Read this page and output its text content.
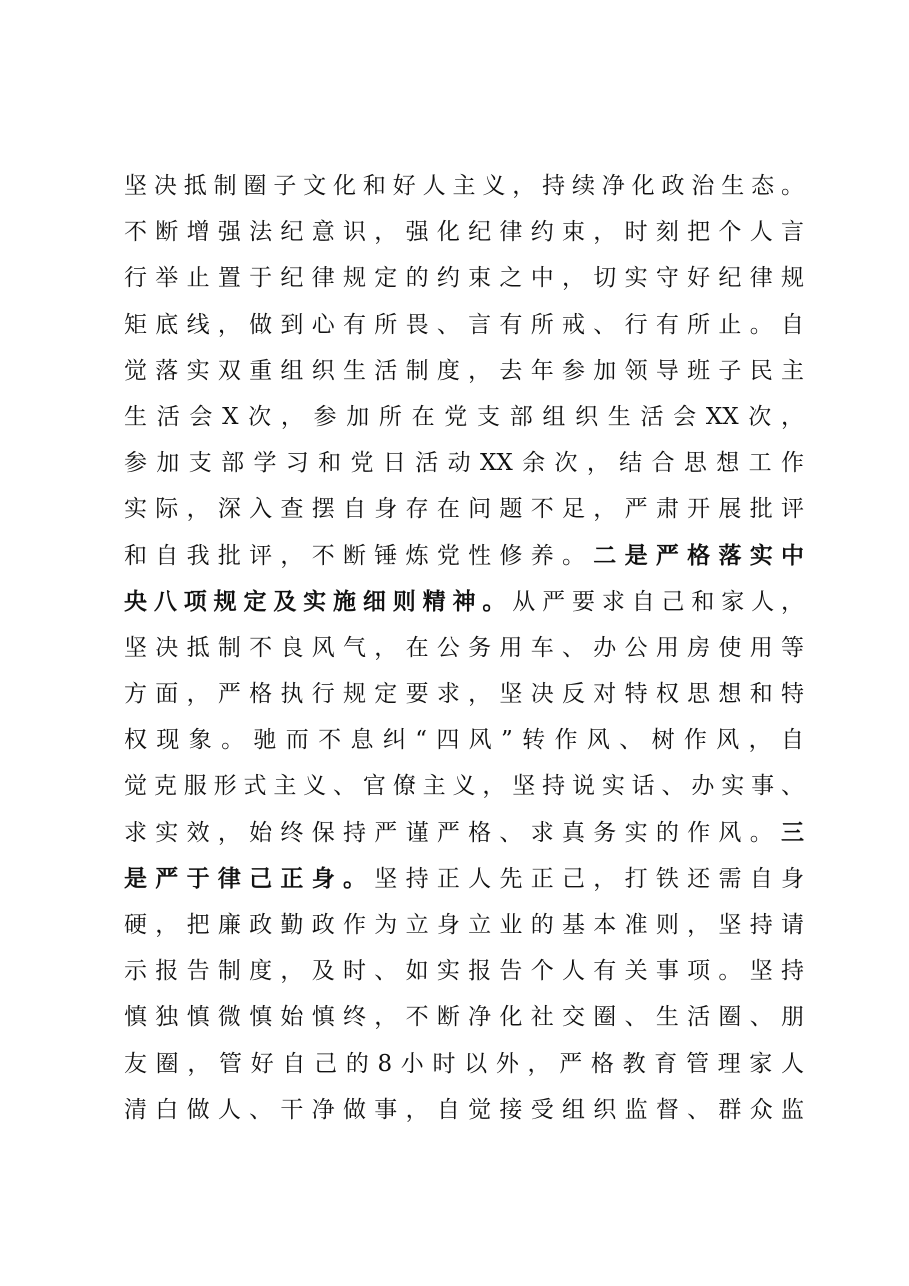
坚决抵制圈子文化和好人主义，持续净化政治生态。
不断增强法纪意识，强化纪律约束，时刻把个人言
行举止置于纪律规定的约束之中，切实守好纪律规
矩底线，做到心有所畏、言有所戒、行有所止。自
觉落实双重组织生活制度，去年参加领导班子民主
生活会X次，参加所在党支部组织生活会XX次，
参加支部学习和党日活动XX余次，结合思想工作
实际，深入查摆自身存在问题不足，严肃开展批评
和自我批评，不断锤炼党性修养。二是严格落实中
央八项规定及实施细则精神。从严要求自己和家人，
坚决抵制不良风气，在公务用车、办公用房使用等
方面，严格执行规定要求，坚决反对特权思想和特
权现象。驰而不息纠“四风”转作风、树作风，自
觉克服形式主义、官僚主义，坚持说实话、办实事、
求实效，始终保持严谨严格、求真务实的作风。三
是严于律己正身。坚持正人先正己，打铁还需自身
硬，把廉政勤政作为立身立业的基本准则，坚持请
示报告制度，及时、如实报告个人有关事项。坚持
慎独慎微慎始慎终，不断净化社交圈、生活圈、朋
友圈，管好自己的8小时以外，严格教育管理家人
清白做人、干净做事，自觉接受组织监督、群众监
